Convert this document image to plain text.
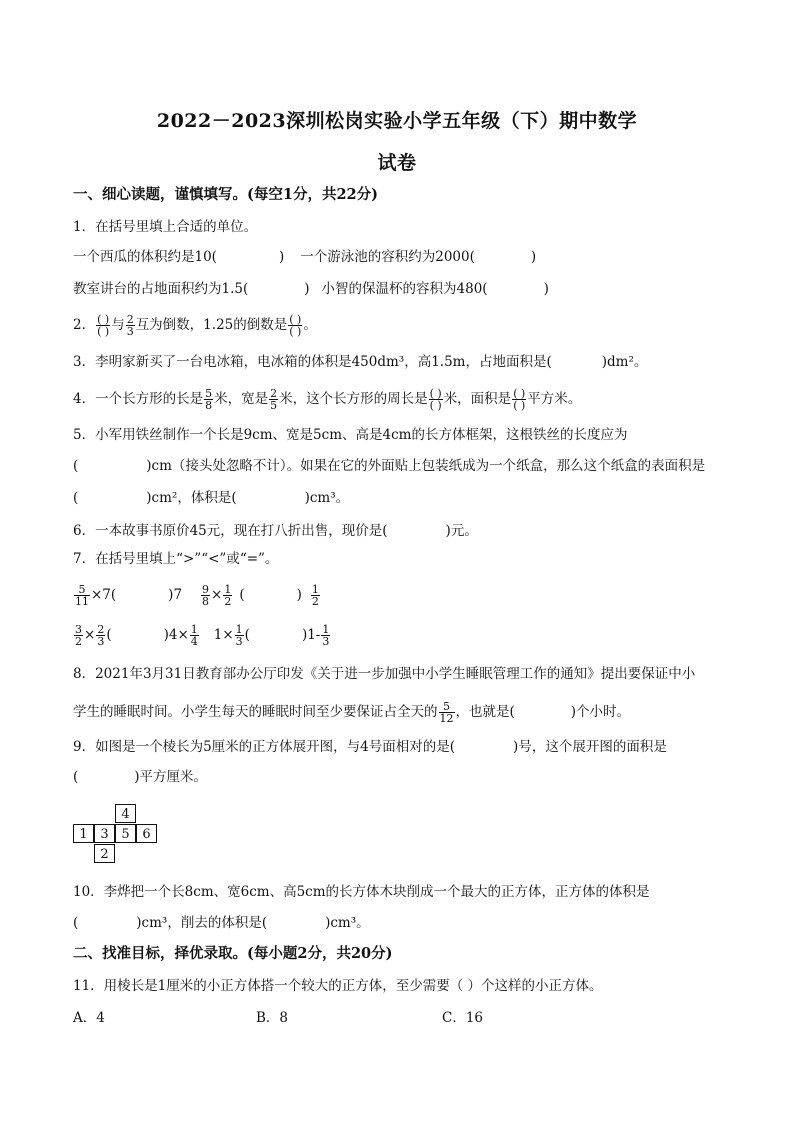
2022－2023深圳松岗实验小学五年级（下）期中数学
试卷
一、细心读题，谨慎填写。(每空1分，共22分)
1．在括号里填上合适的单位。
一个西瓜的体积约是10(	) 一个游泳池的容积约为2000(	)
教室讲台的占地面积约为1.5(	) 小智的保温杯的容积为480(	)
2． $\frac{( )}{( )}$ 与 $\frac{2}{3}$ 互为倒数，1.25的倒数是 $\frac{( )}{( )}$ 。
3．李明家新买了一台电冰箱，电冰箱的体积是450dm³，高1.5m，占地面积是(	)dm²。
4．一个长方形的长是 $\frac{5}{8}$ 米，宽是 $\frac{2}{5}$ 米，这个长方形的周长是 $\frac{( )}{( )}$ 米，面积是 $\frac{( )}{( )}$ 平方米。
5．小军用铁丝制作一个长是9cm、宽是5cm、高是4cm的长方体框架，这根铁丝的长度应为
(	)cm（接头处忽略不计）。如果在它的外面贴上包装纸成为一个纸盒，那么这个纸盒的表面积是
(	)cm²，体积是(	)cm³。
6．一本故事书原价45元，现在打八折出售，现价是(	)元。
7．在括号里填上“>”“<”或“=”。
$\frac{5}{11} \times 7$(	)$7 \frac{9}{8} \times \frac{1}{2}$ (	) $\frac{1}{2}$
$\frac{3}{2} \times \frac{2}{3}$ (	)$4\times \frac{1}{4} 1\times \frac{1}{3}$ (	)$1- \frac{1}{3}$
8．2021年3月31日教育部办公厅印发《关于进一步加强中小学生睡眠管理工作的通知》提出要保证中小
学生的睡眠时间。小学生每天的睡眠时间至少要保证占全天的 $\frac{5}{12}$ ，也就是(	)个小时。
9．如图是一个棱长为5厘米的正方体展开图，与4号面相对的是(	)号，这个展开图的面积是
(	)平方厘米。
4
1 3 5 6
2
10．李烨把一个长8cm、宽6cm、高5cm的长方体木块削成一个最大的正方体，正方体的体积是
(	)cm³，削去的体积是(	)cm³。
二、找准目标，择优录取。(每小题2分，共20分)
11．用棱长是1厘米的小正方体搭一个较大的正方体，至少需要（ ）个这样的小正方体。
A．4	B．8	C．16
